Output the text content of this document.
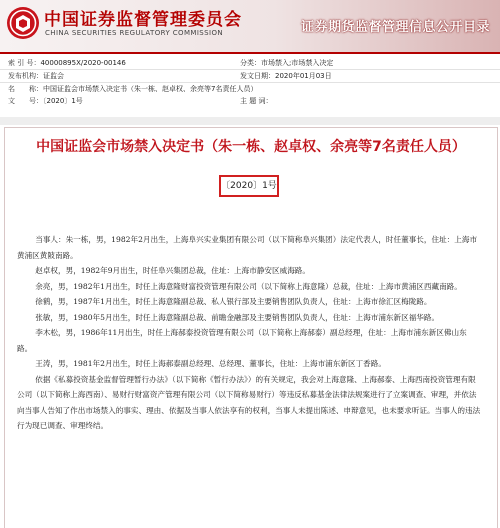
中国证券监督管理委员会
CHINA SECURITIES REGULATORY COMMISSION	证券期货监督管理信息公开目录
索 引 号：40000895X/2020-00146	分类：市场禁入;市场禁入决定
发布机构：证监会	发文日期：2020年01月03日
名　　称：中国证监会市场禁入决定书（朱一栋、赵卓权、余亮等7名责任人员）
文　　号：〔2020〕1号	主 题 词：
中国证监会市场禁入决定书（朱一栋、赵卓权、余亮等7名责任人员）
〔2020〕1号

当事人：朱一栋，男，1982年2月出生，上海阜兴实业集团有限公司（以下简称阜兴集团）法定代表人，时任董事长，住址：上海市黄浦区黄陂南路。

赵卓权，男，1982年9月出生，时任阜兴集团总裁，住址：上海市静安区威海路。

余亮，男，1982年1月出生，时任上海意隆财富投资管理有限公司（以下简称上海意隆）总裁，住址：上海市黄浦区西藏南路。

徐鹤，男，1987年1月出生，时任上海意隆副总裁、私人银行部及主要销售团队负责人，住址：上海市徐汇区梅陇路。

张敏，男，1980年5月出生，时任上海意隆副总裁、前瞻金融部及主要销售团队负责人，住址：上海市浦东新区福华路。

李木松，男，1986年11月出生，时任上海郝泰投资管理有限公司（以下简称上海郝泰）副总经理，住址：上海市浦东新区佛山东路。

王涛，男，1981年2月出生，时任上海郝泰副总经理、总经理、董事长，住址：上海市浦东新区丁香路。

依据《私募投资基金监督管理暂行办法》（以下简称《暂行办法》）的有关规定，我会对上海意隆、上海郝泰、上海西南投资管理有限公司（以下简称上海西南）、易财行财富资产管理有限公司（以下简称易财行）等违反私募基金法律法规案进行了立案调查、审理，并依法向当事人告知了作出市场禁入的事实、理由、依据及当事人依法享有的权利，当事人未提出陈述、申辩意见，也未要求听证。当事人的违法行为现已调查、审理终结。
